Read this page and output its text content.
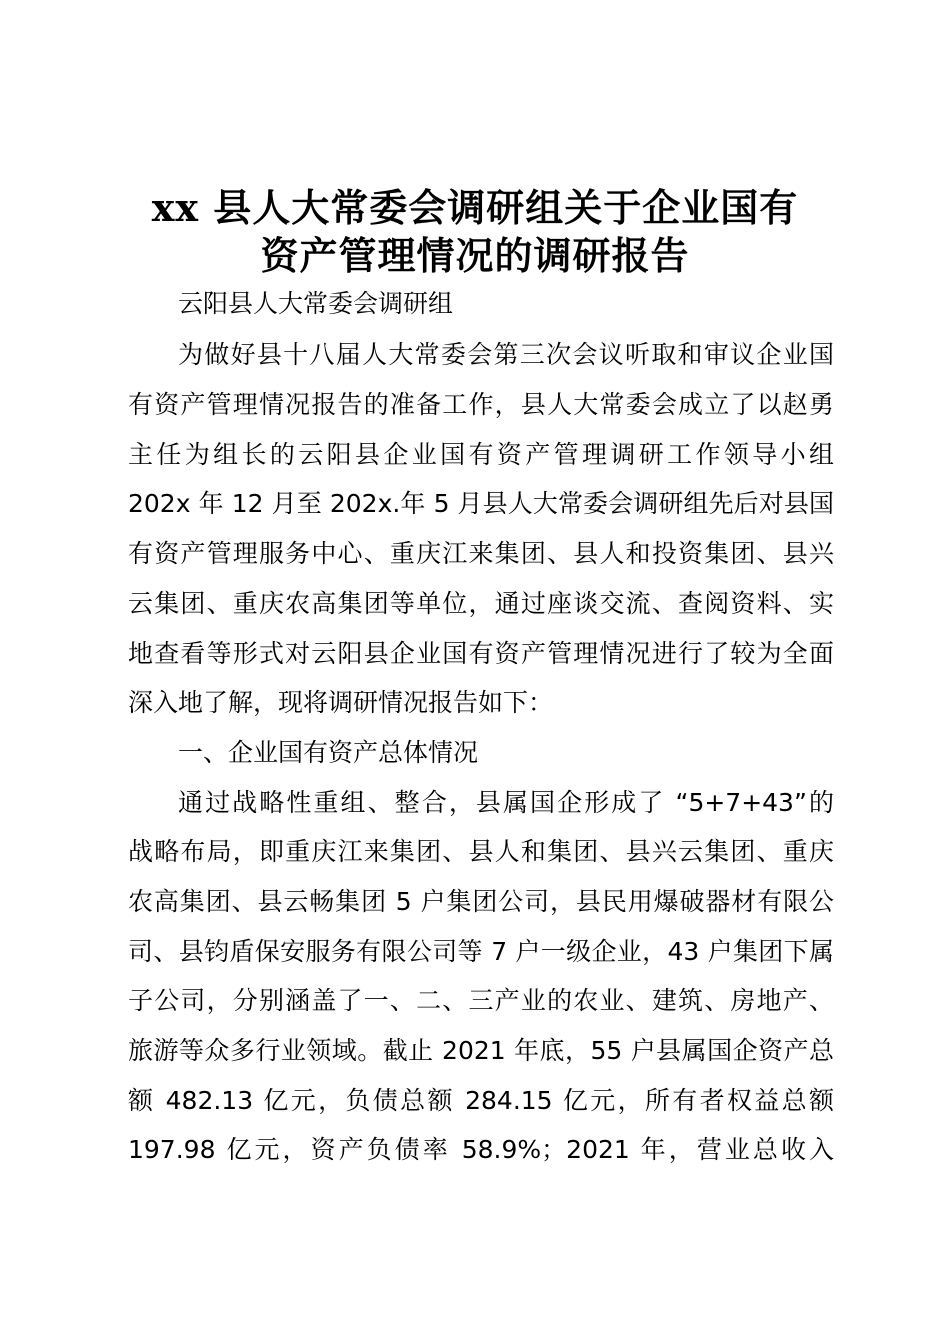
xx 县人大常委会调研组关于企业国有
资产管理情况的调研报告
云阳县人大常委会调研组
为做好县十八届人大常委会第三次会议听取和审议企业国
有资产管理情况报告的准备工作，县人大常委会成立了以赵勇
主任为组长的云阳县企业国有资产管理调研工作领导小组
202x 年 12 月至 202x.年 5 月县人大常委会调研组先后对县国
有资产管理服务中心、重庆江来集团、县人和投资集团、县兴
云集团、重庆农高集团等单位，通过座谈交流、查阅资料、实
地查看等形式对云阳县企业国有资产管理情况进行了较为全面
深入地了解，现将调研情况报告如下：
一、企业国有资产总体情况
通过战略性重组、整合，县属国企形成了 “5+7+43”的
战略布局，即重庆江来集团、县人和集团、县兴云集团、重庆
农高集团、县云畅集团 5 户集团公司，县民用爆破器材有限公
司、县钧盾保安服务有限公司等 7 户一级企业，43 户集团下属
子公司，分别涵盖了一、二、三产业的农业、建筑、房地产、
旅游等众多行业领域。截止 2021 年底，55 户县属国企资产总
额 482.13 亿元，负债总额 284.15 亿元，所有者权益总额
197.98 亿元，资产负债率 58.9%；2021 年，营业总收入
